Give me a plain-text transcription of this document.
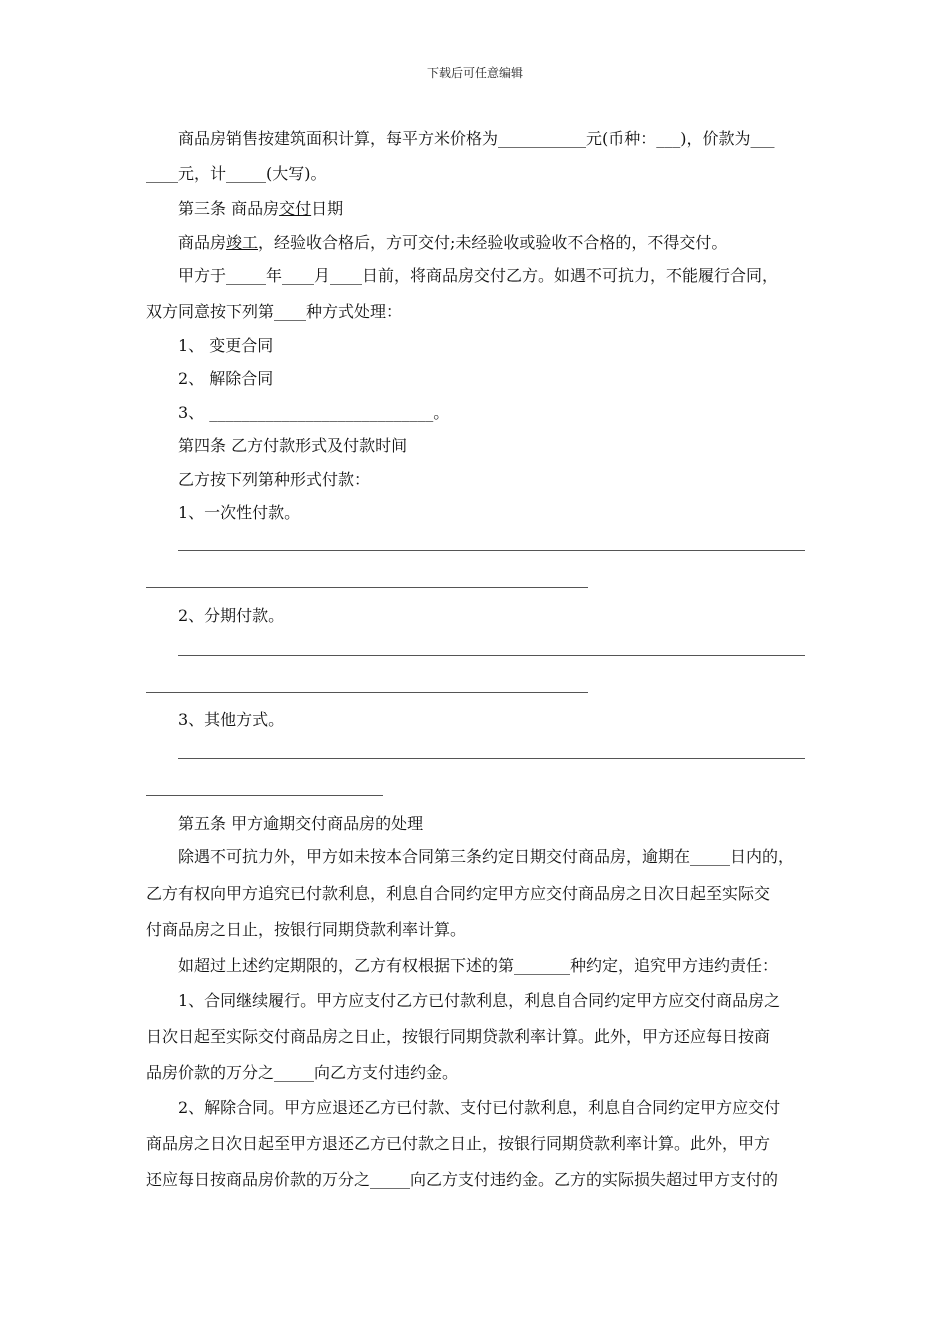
下载后可任意编辑
商品房销售按建筑面积计算，每平方米价格为___________元(币种：___)，价款为___
____元，计_____(大写)。
第三条 商品房交付日期
商品房竣工，经验收合格后，方可交付;未经验收或验收不合格的，不得交付。
甲方于_____年____月____日前，将商品房交付乙方。如遇不可抗力，不能履行合同，
双方同意按下列第____种方式处理：
1、 变更合同
2、 解除合同
3、 ____________________________。
第四条 乙方付款形式及付款时间
乙方按下列第种形式付款：
1、一次性付款。
2、分期付款。
3、其他方式。
第五条 甲方逾期交付商品房的处理
除遇不可抗力外，甲方如未按本合同第三条约定日期交付商品房，逾期在_____日内的，
乙方有权向甲方追究已付款利息，利息自合同约定甲方应交付商品房之日次日起至实际交
付商品房之日止，按银行同期贷款利率计算。
如超过上述约定期限的，乙方有权根据下述的第_______种约定，追究甲方违约责任：
1、合同继续履行。甲方应支付乙方已付款利息，利息自合同约定甲方应交付商品房之
日次日起至实际交付商品房之日止，按银行同期贷款利率计算。此外，甲方还应每日按商
品房价款的万分之_____向乙方支付违约金。
2、解除合同。甲方应退还乙方已付款、支付已付款利息，利息自合同约定甲方应交付
商品房之日次日起至甲方退还乙方已付款之日止，按银行同期贷款利率计算。此外，甲方
还应每日按商品房价款的万分之_____向乙方支付违约金。乙方的实际损失超过甲方支付的
